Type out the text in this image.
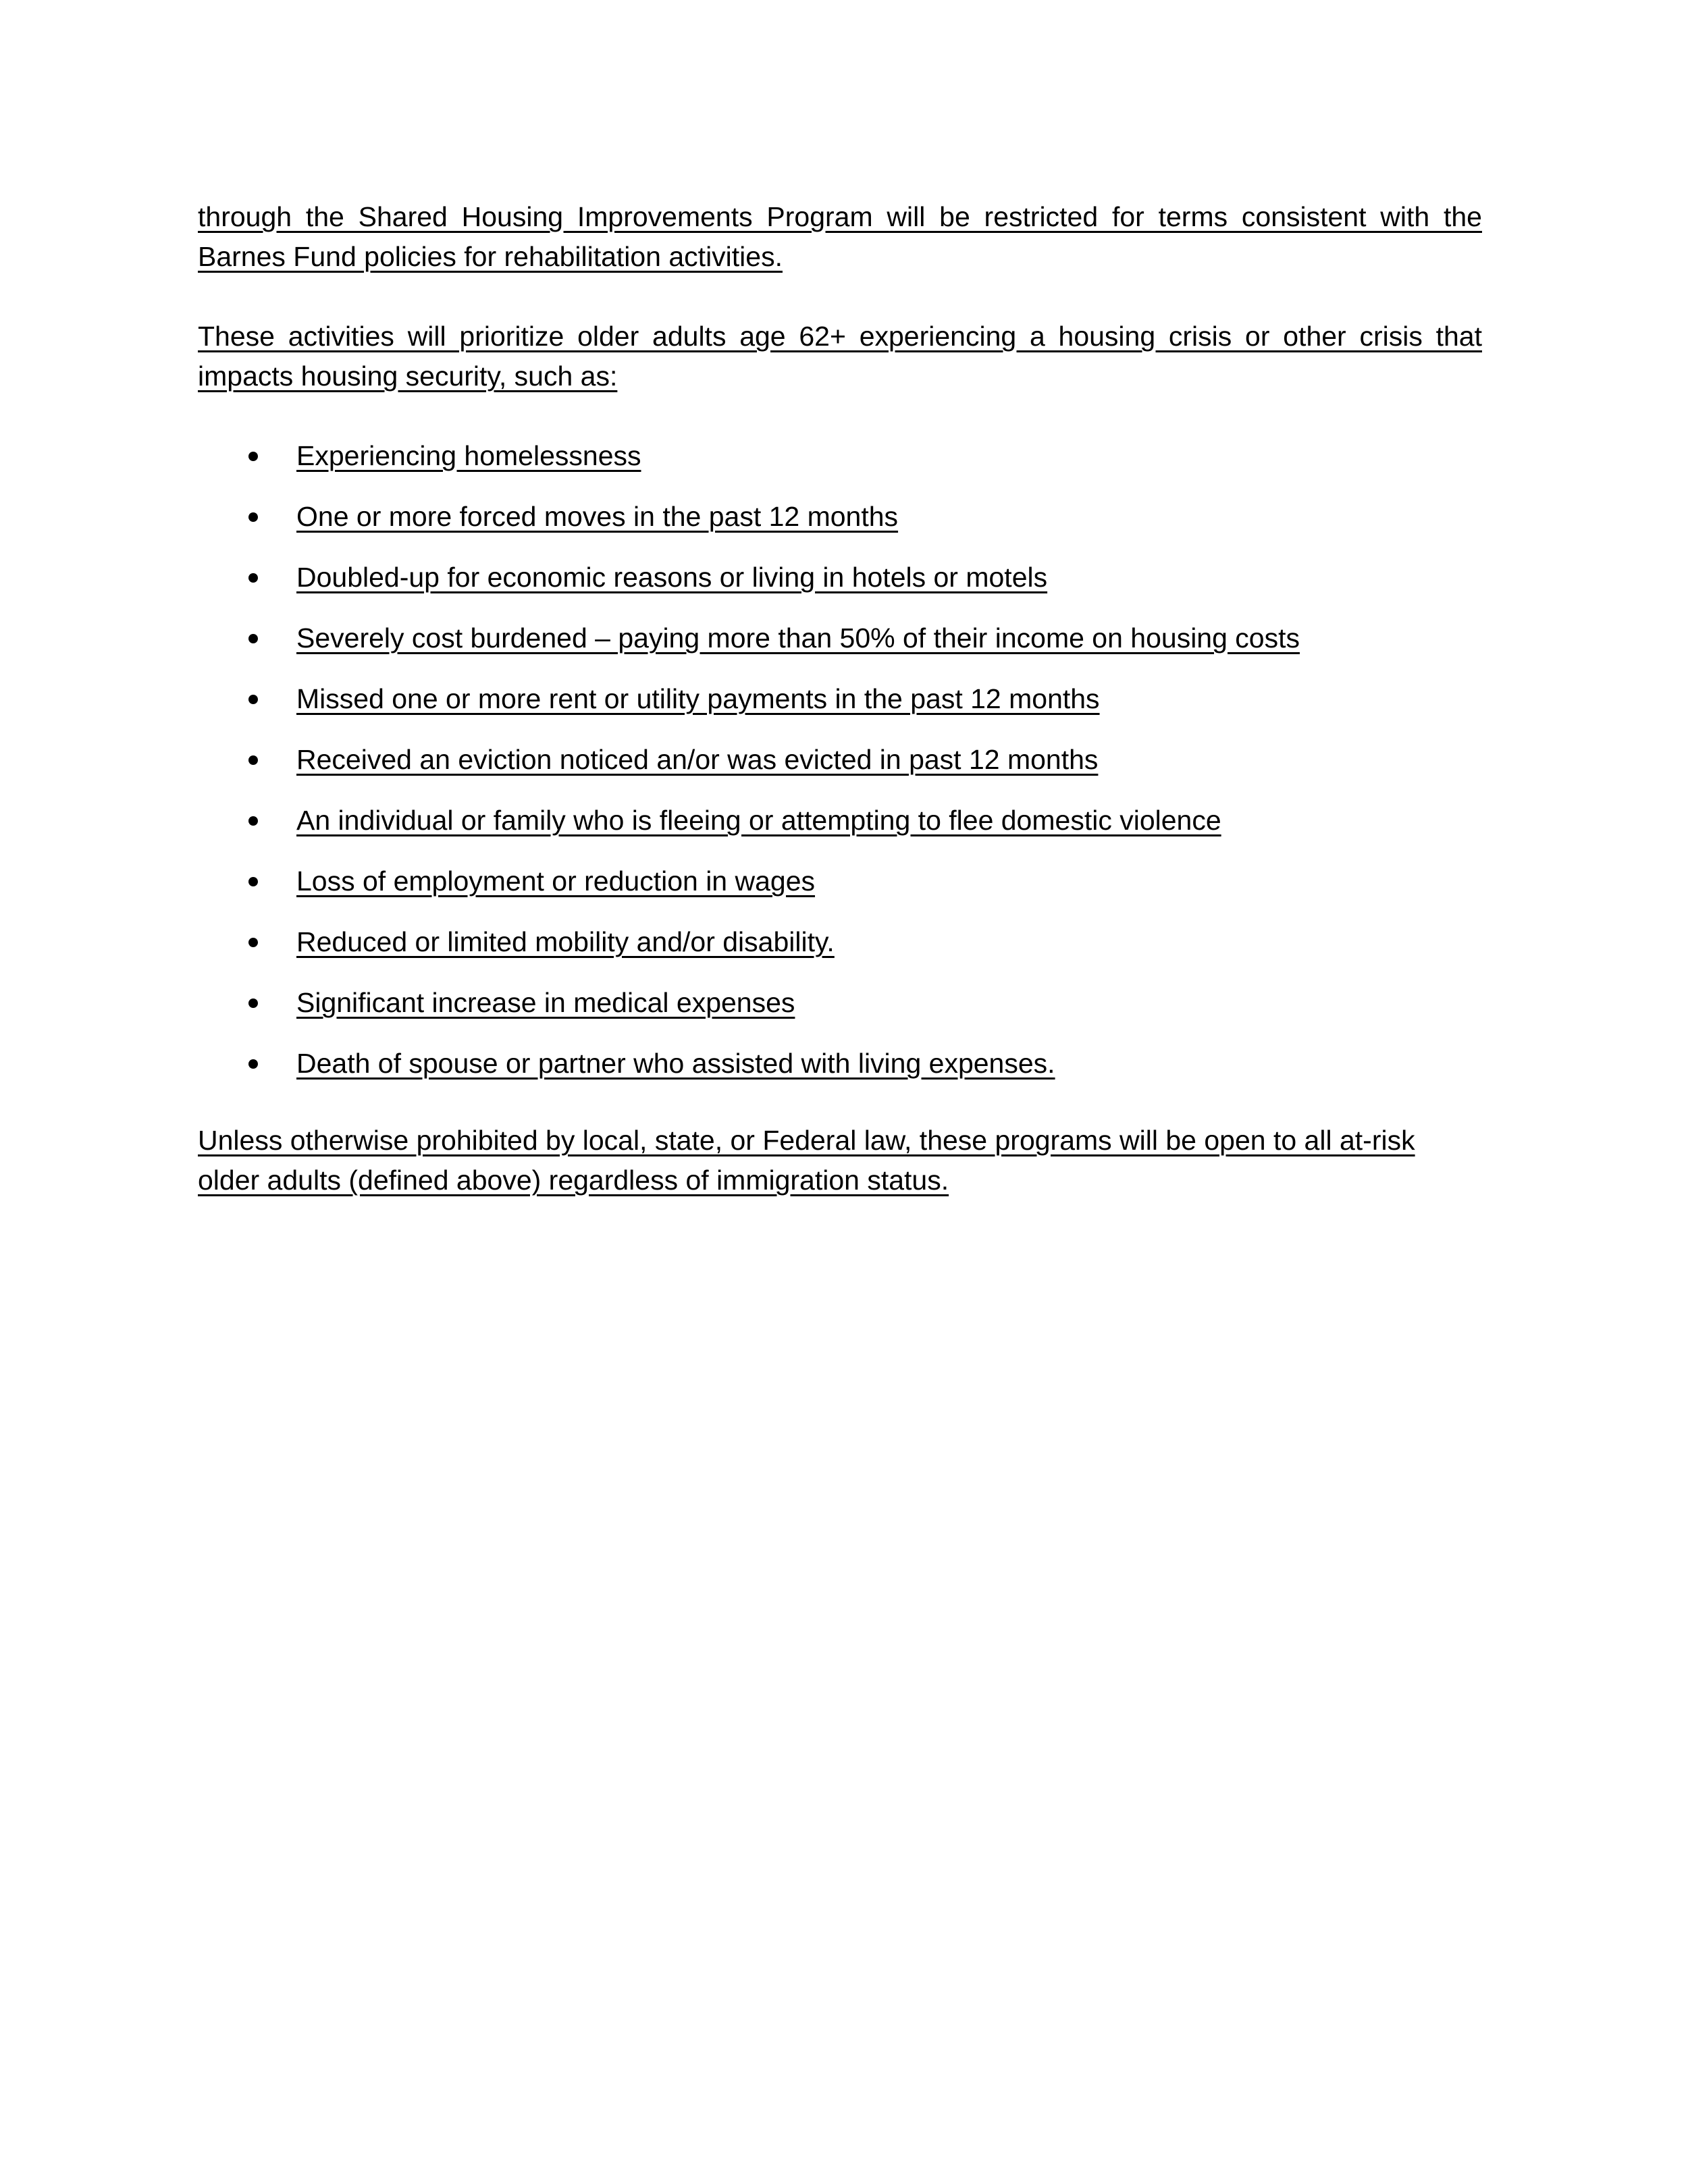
through the Shared Housing Improvements Program will be restricted for terms consistent with the Barnes Fund policies for rehabilitation activities.

These activities will prioritize older adults age 62+ experiencing a housing crisis or other crisis that impacts housing security, such as:

Experiencing homelessness
One or more forced moves in the past 12 months
Doubled-up for economic reasons or living in hotels or motels
Severely cost burdened – paying more than 50% of their income on housing costs
Missed one or more rent or utility payments in the past 12 months
Received an eviction noticed an/or was evicted in past 12 months
An individual or family who is fleeing or attempting to flee domestic violence
Loss of employment or reduction in wages
Reduced or limited mobility and/or disability.
Significant increase in medical expenses
Death of spouse or partner who assisted with living expenses.

Unless otherwise prohibited by local, state, or Federal law, these programs will be open to all at-risk older adults (defined above) regardless of immigration status.
